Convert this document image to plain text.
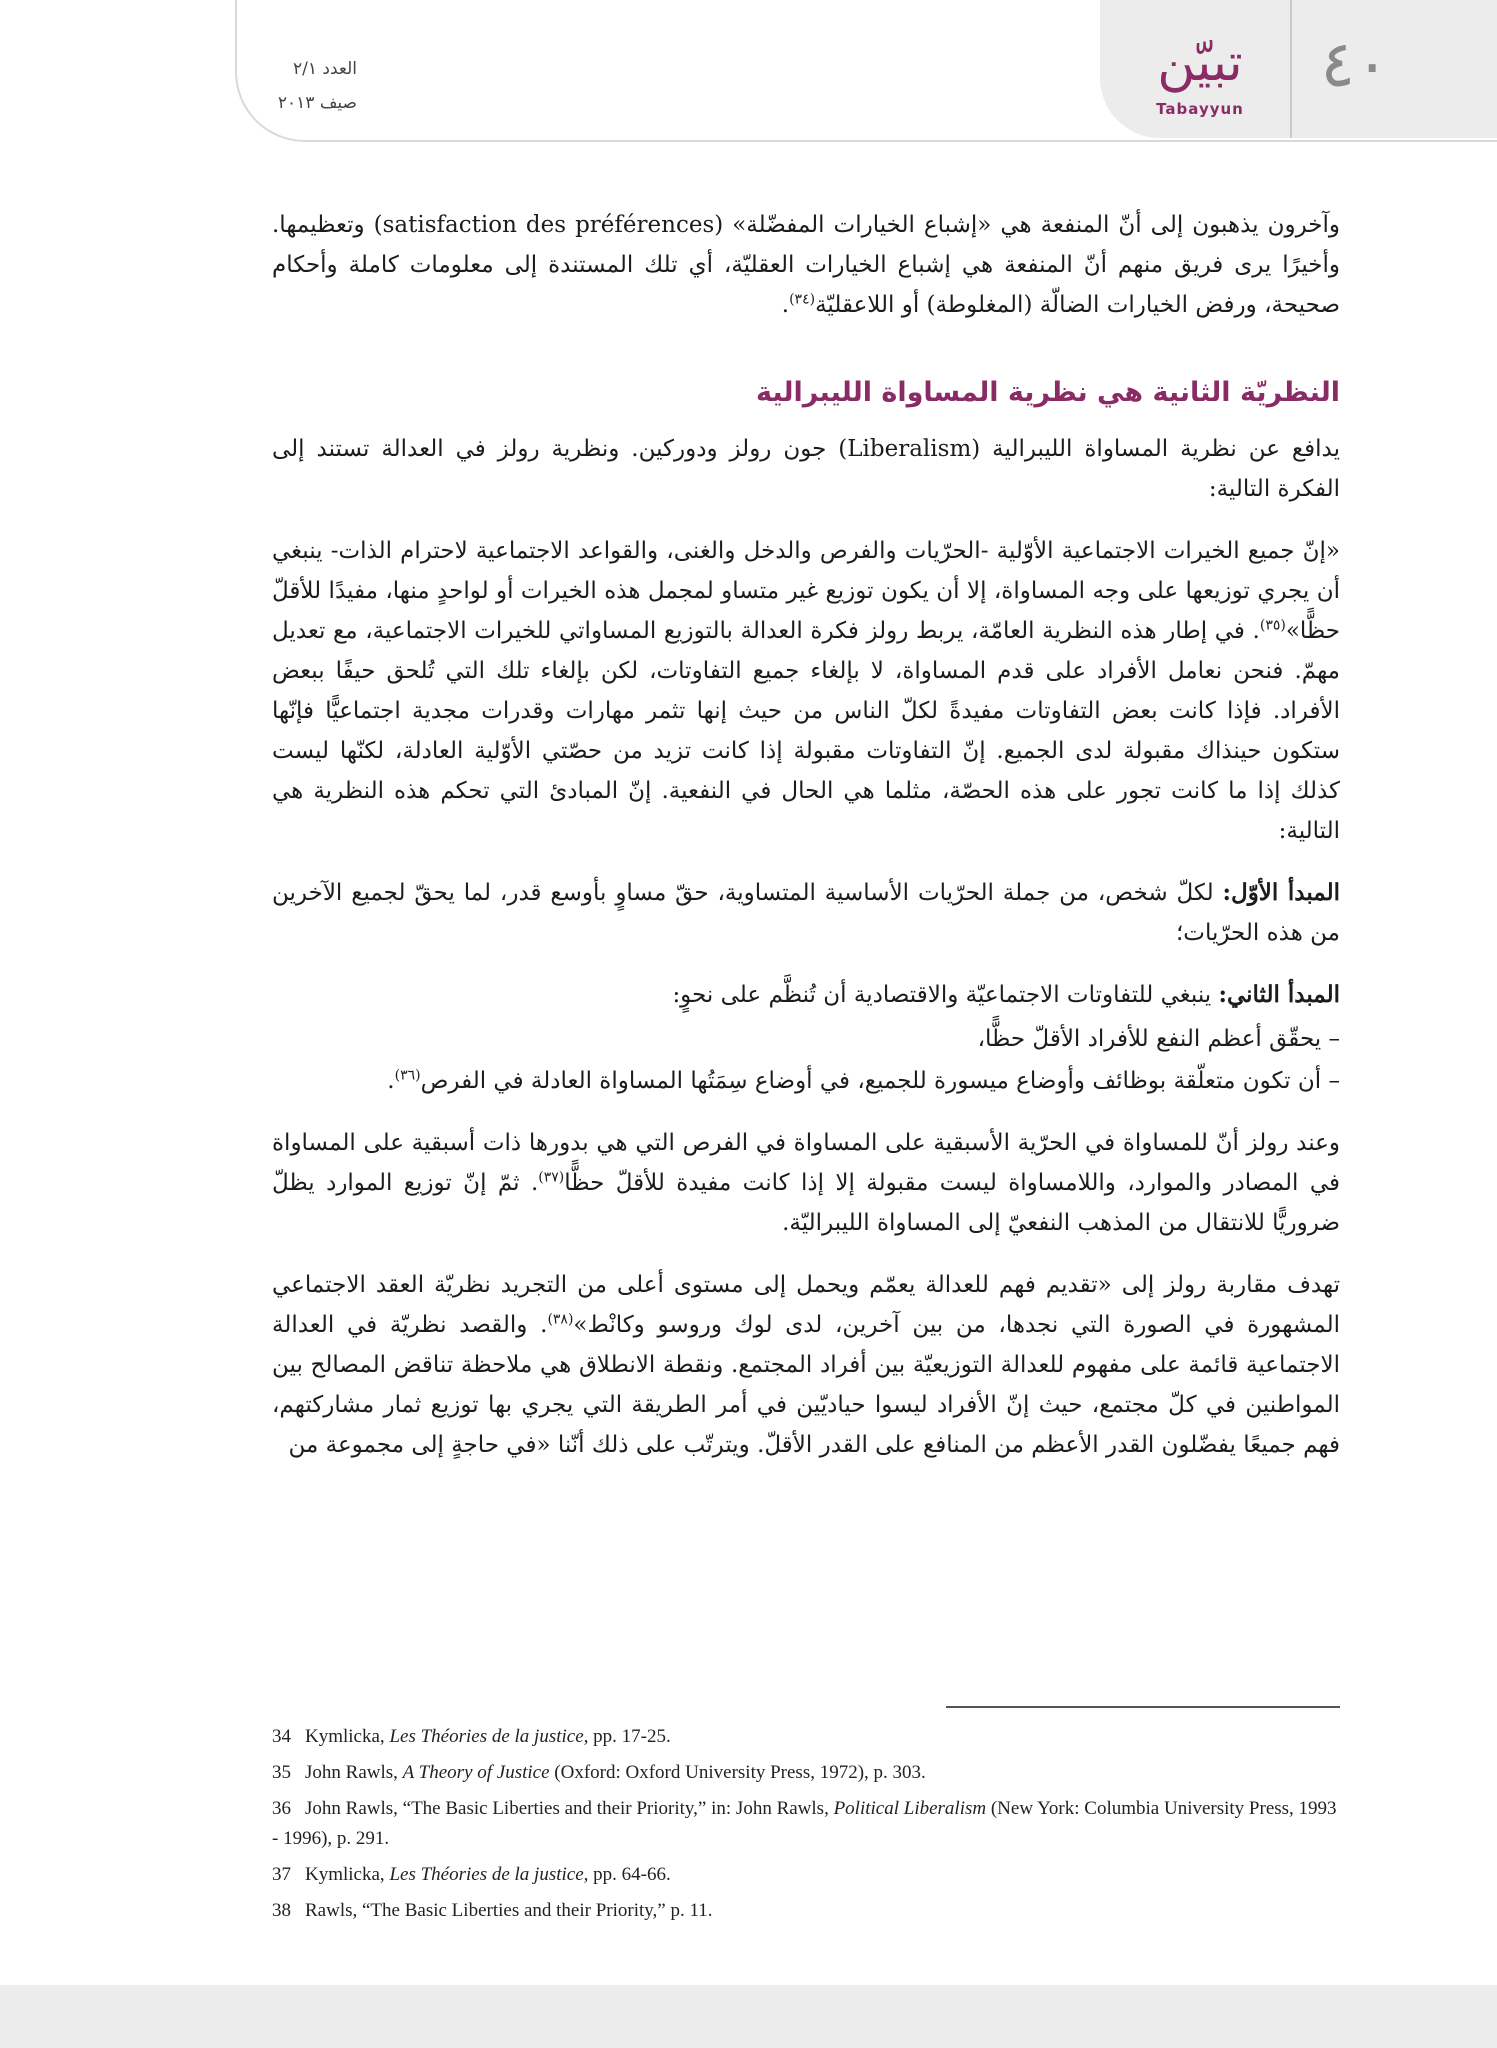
٤٠
تبيّن
Tabayyun
العدد ٢/١
صيف ٢٠١٣

وآخرون يذهبون إلى أنّ المنفعة هي «إشباع الخيارات المفضّلة» (satisfaction des préférences) وتعظيمها. وأخيرًا يرى فريق منهم أنّ المنفعة هي إشباع الخيارات العقليّة، أي تلك المستندة إلى معلومات كاملة وأحكام صحيحة، ورفض الخيارات الضالّة (المغلوطة) أو اللاعقليّة$^{(٣٤)}$.

النظريّة الثانية هي نظرية المساواة الليبرالية

يدافع عن نظرية المساواة الليبرالية (Liberalism) جون رولز ودوركين. ونظرية رولز في العدالة تستند إلى الفكرة التالية:

«إنّ جميع الخيرات الاجتماعية الأوّلية -الحرّيات والفرص والدخل والغنى، والقواعد الاجتماعية لاحترام الذات- ينبغي أن يجري توزيعها على وجه المساواة، إلا أن يكون توزيع غير متساو لمجمل هذه الخيرات أو لواحدٍ منها، مفيدًا للأقلّ حظًّا»$^{(٣٥)}$. في إطار هذه النظرية العامّة، يربط رولز فكرة العدالة بالتوزيع المساواتي للخيرات الاجتماعية، مع تعديل مهمّ. فنحن نعامل الأفراد على قدم المساواة، لا بإلغاء جميع التفاوتات، لكن بإلغاء تلك التي تُلحق حيفًا ببعض الأفراد. فإذا كانت بعض التفاوتات مفيدةً لكلّ الناس من حيث إنها تثمر مهارات وقدرات مجدية اجتماعيًّا فإنّها ستكون حينذاك مقبولة لدى الجميع. إنّ التفاوتات مقبولة إذا كانت تزيد من حصّتي الأوّلية العادلة، لكنّها ليست كذلك إذا ما كانت تجور على هذه الحصّة، مثلما هي الحال في النفعية. إنّ المبادئ التي تحكم هذه النظرية هي التالية:

المبدأ الأوّل: لكلّ شخص، من جملة الحرّيات الأساسية المتساوية، حقّ مساوٍ بأوسع قدر، لما يحقّ لجميع الآخرين من هذه الحرّيات؛

المبدأ الثاني: ينبغي للتفاوتات الاجتماعيّة والاقتصادية أن تُنظَّم على نحوٍ:

– يحقّق أعظم النفع للأفراد الأقلّ حظًّا،

– أن تكون متعلّقة بوظائف وأوضاع ميسورة للجميع، في أوضاع سِمَتُها المساواة العادلة في الفرص$^{(٣٦)}$.

وعند رولز أنّ للمساواة في الحرّية الأسبقية على المساواة في الفرص التي هي بدورها ذات أسبقية على المساواة في المصادر والموارد، واللامساواة ليست مقبولة إلا إذا كانت مفيدة للأقلّ حظًّا$^{(٣٧)}$. ثمّ إنّ توزيع الموارد يظلّ ضروريًّا للانتقال من المذهب النفعيّ إلى المساواة الليبراليّة.

تهدف مقاربة رولز إلى «تقديم فهم للعدالة يعمّم ويحمل إلى مستوى أعلى من التجريد نظريّة العقد الاجتماعي المشهورة في الصورة التي نجدها، من بين آخرين، لدى لوك وروسو وكانْط»$^{(٣٨)}$. والقصد نظريّة في العدالة الاجتماعية قائمة على مفهوم للعدالة التوزيعيّة بين أفراد المجتمع. ونقطة الانطلاق هي ملاحظة تناقض المصالح بين المواطنين في كلّ مجتمع، حيث إنّ الأفراد ليسوا حياديّين في أمر الطريقة التي يجري بها توزيع ثمار مشاركتهم، فهم جميعًا يفضّلون القدر الأعظم من المنافع على القدر الأقلّ. ويترتّب على ذلك أنّنا «في حاجةٍ إلى مجموعة من

34 Kymlicka, Les Théories de la justice, pp. 17-25.
35 John Rawls, A Theory of Justice (Oxford: Oxford University Press, 1972), p. 303.
36 John Rawls, “The Basic Liberties and their Priority,” in: John Rawls, Political Liberalism (New York: Columbia University Press, 1993 - 1996), p. 291.
37 Kymlicka, Les Théories de la justice, pp. 64-66.
38 Rawls, “The Basic Liberties and their Priority,” p. 11.
